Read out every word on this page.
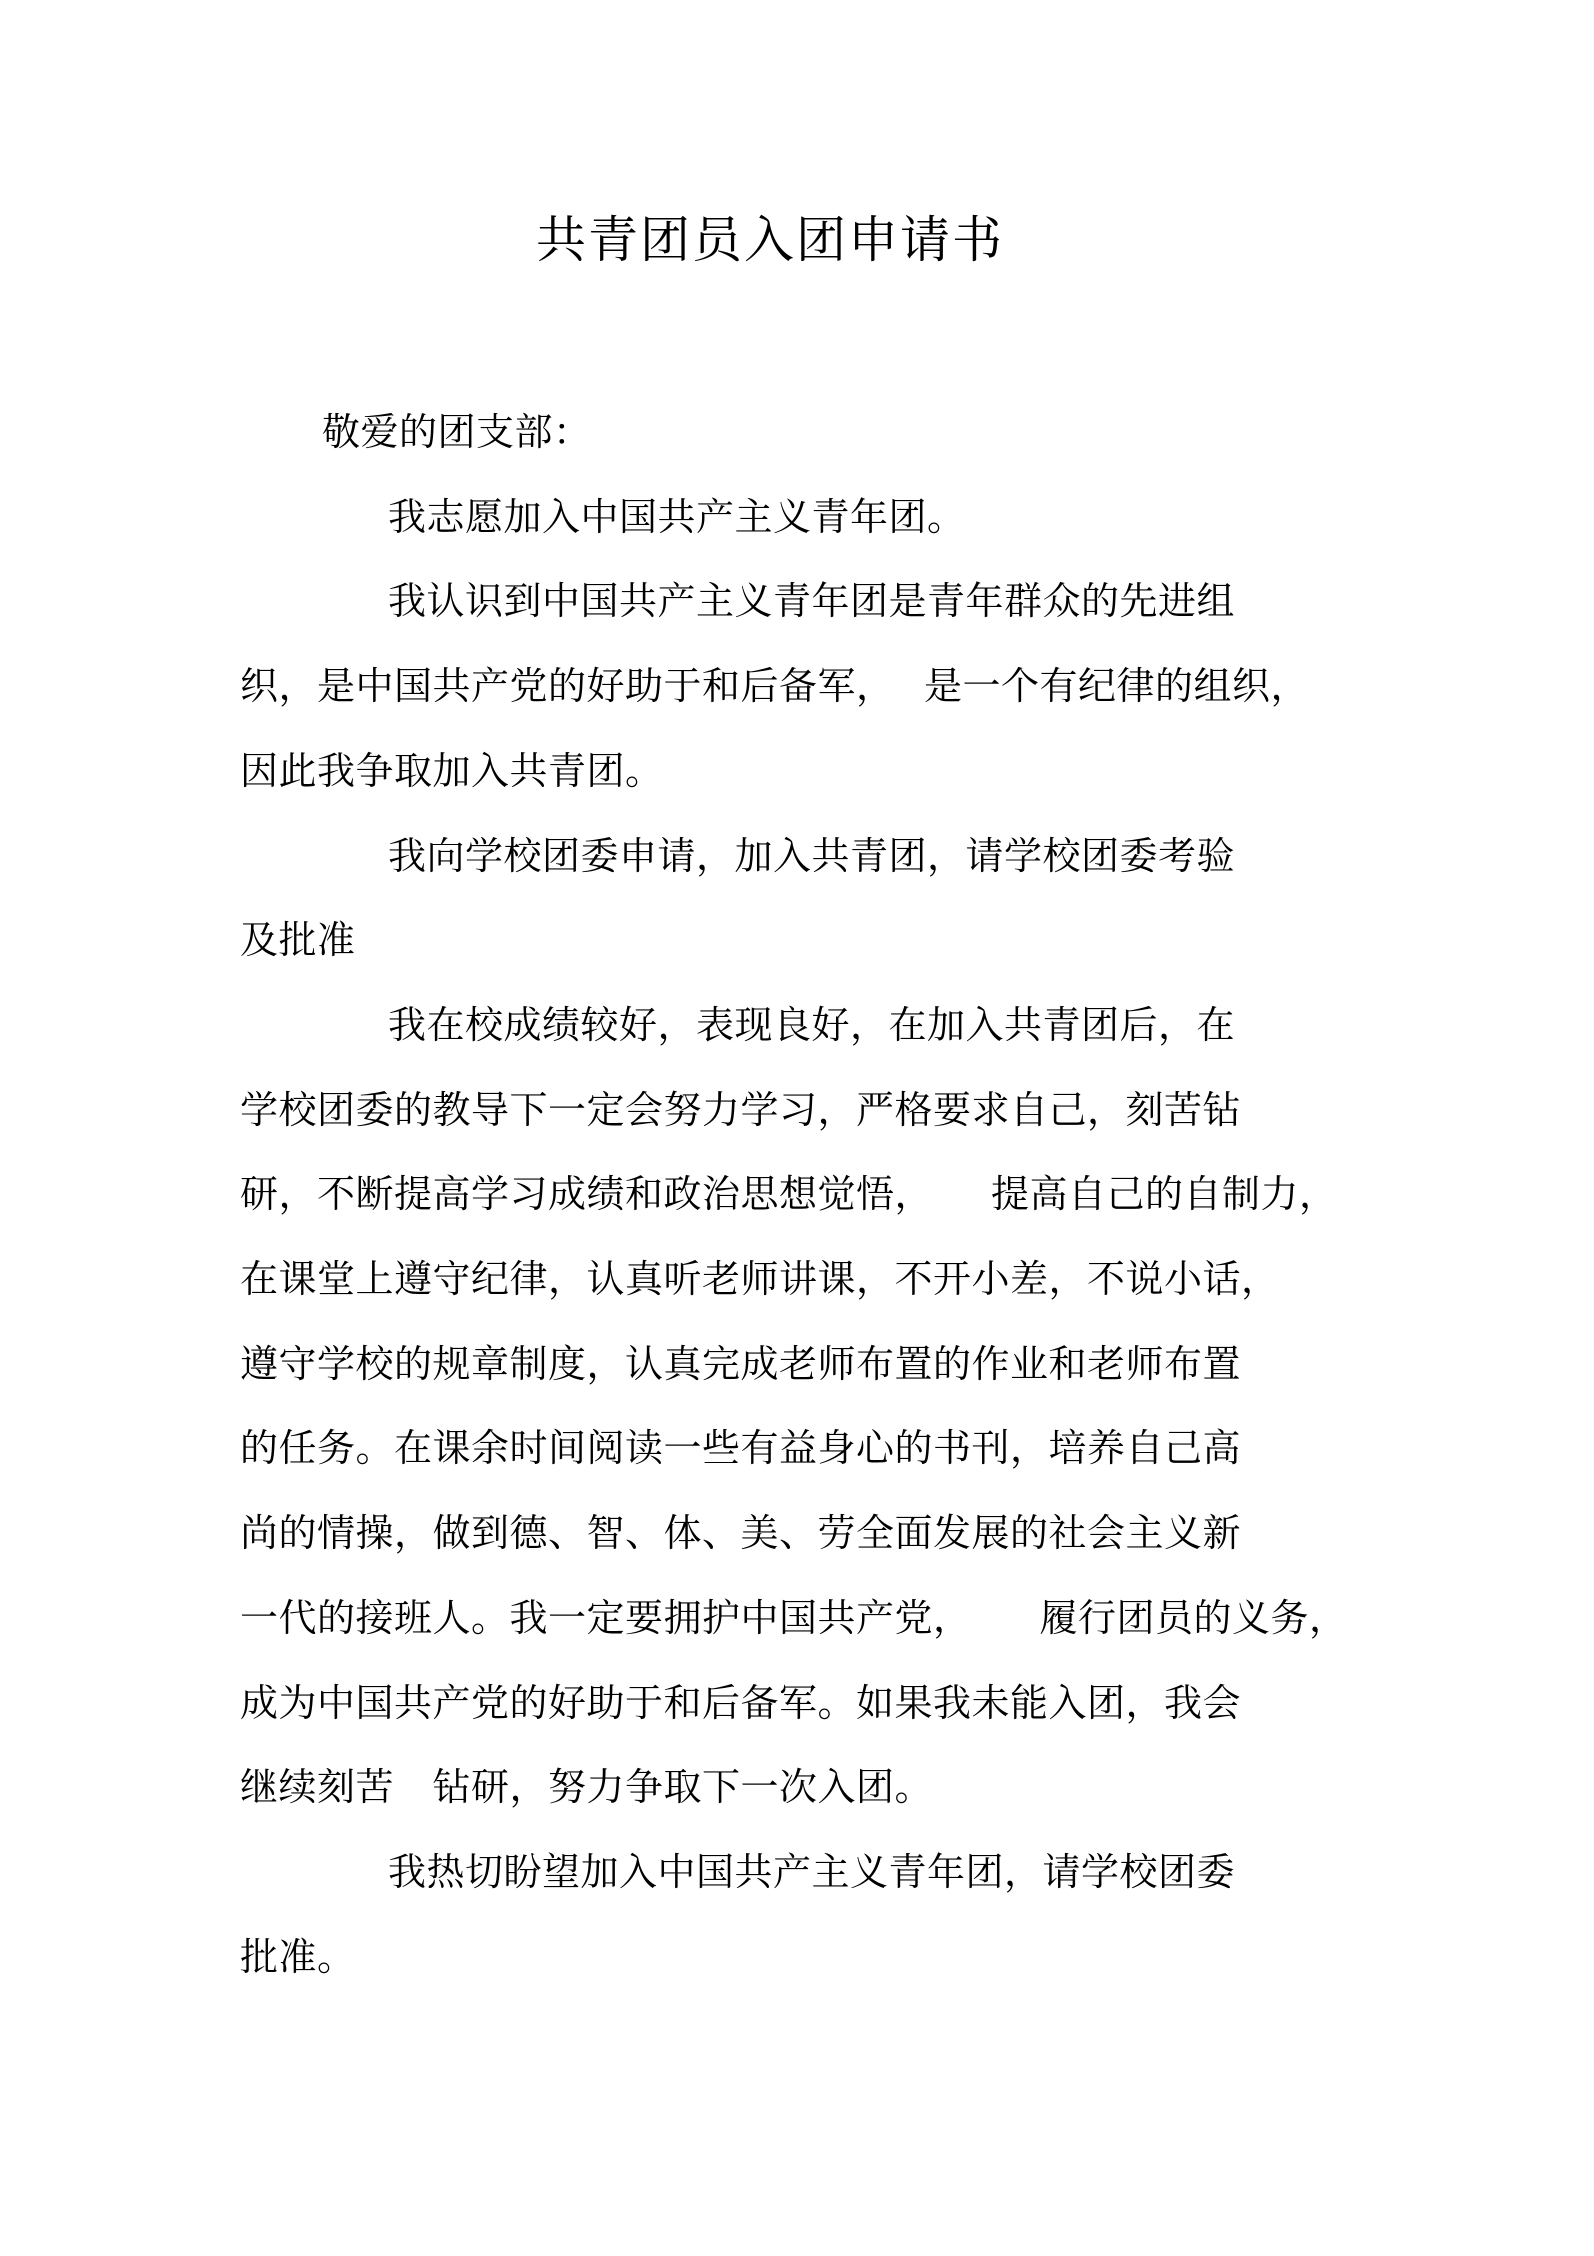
共青团员入团申请书
敬爱的团支部：
我志愿加入中国共产主义青年团。
我认识到中国共产主义青年团是青年群众的先进组
织，是中国共产党的好助于和后备军，　 是一个有纪律的组织，
因此我争取加入共青团。
我向学校团委申请，加入共青团，请学校团委考验
及批准
我在校成绩较好，表现良好，在加入共青团后，在
学校团委的教导下一定会努力学习，严格要求自己，刻苦钻
研，不断提高学习成绩和政治思想觉悟，　　提高自己的自制力，
在课堂上遵守纪律，认真听老师讲课，不开小差，不说小话，
遵守学校的规章制度，认真完成老师布置的作业和老师布置
的任务。在课余时间阅读一些有益身心的书刊，培养自己高
尚的情操，做到德、智、体、美、劳全面发展的社会主义新
一代的接班人。我一定要拥护中国共产党，　　 履行团员的义务，
成为中国共产党的好助于和后备军。如果我未能入团，我会
继续刻苦　钻研，努力争取下一次入团。
我热切盼望加入中国共产主义青年团，请学校团委
批准。
